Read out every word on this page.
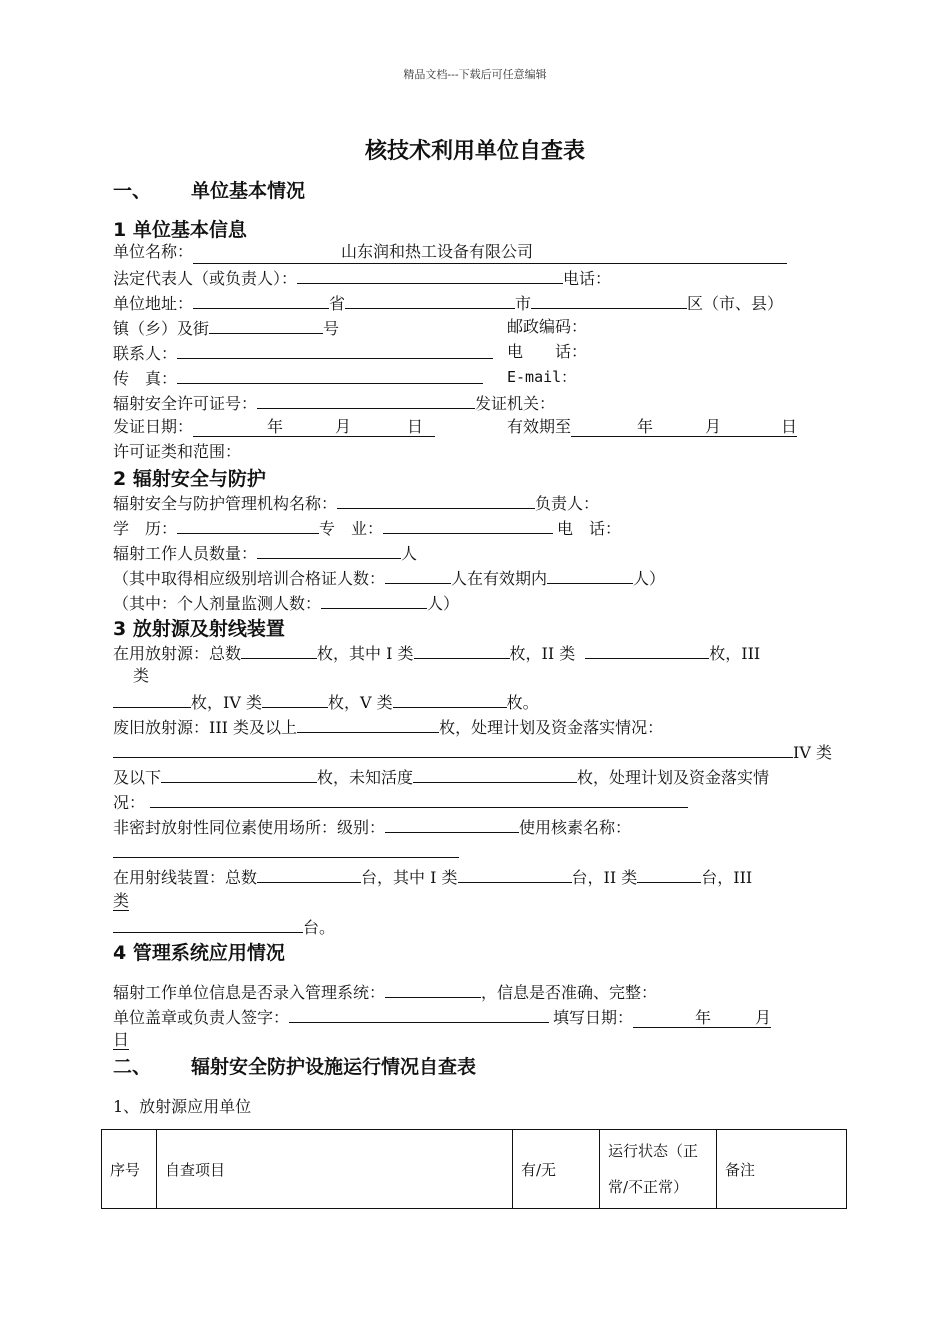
精品文档---下载后可任意编辑
核技术利用单位自查表
一、 单位基本情况
1 单位基本信息
单位名称：	山东润和热工设备有限公司
法定代表人（或负责人）：	电话：
单位地址：	省	市	区（市、县）
镇（乡）及街	号	邮政编码：
联系人：	电　　话：
传　真：	E-mail：
辐射安全许可证号：	发证机关：
发证日期：	年	月	日	有效期至	年	月	日
许可证类和范围：
2 辐射安全与防护
辐射安全与防护管理机构名称：	负责人：
学　历：	专　业：	电　话：
辐射工作人员数量：	人
（其中取得相应级别培训合格证人数：	人在有效期内	人）
（其中：个人剂量监测人数：	人）
3 放射源及射线装置
在用放射源：总数	枚，其中 I 类	枚，II 类	枚，III
类
枚，IV 类	枚，V 类	枚。
废旧放射源：III 类及以上	枚，处理计划及资金落实情况：
IV 类
及以下	枚，未知活度	枚，处理计划及资金落实情
况：
非密封放射性同位素使用场所：级别：	使用核素名称：
在用射线装置：总数	台，其中 I 类	台，II 类	台，III
类
台。
4 管理系统应用情况
辐射工作单位信息是否录入管理系统：	，信息是否准确、完整：
单位盖章或负责人签字：	填写日期：	年	月
日
二、 辐射安全防护设施运行情况自查表
1、放射源应用单位
序号	自查项目	有/无	运行状态（正常/不正常）	备注
